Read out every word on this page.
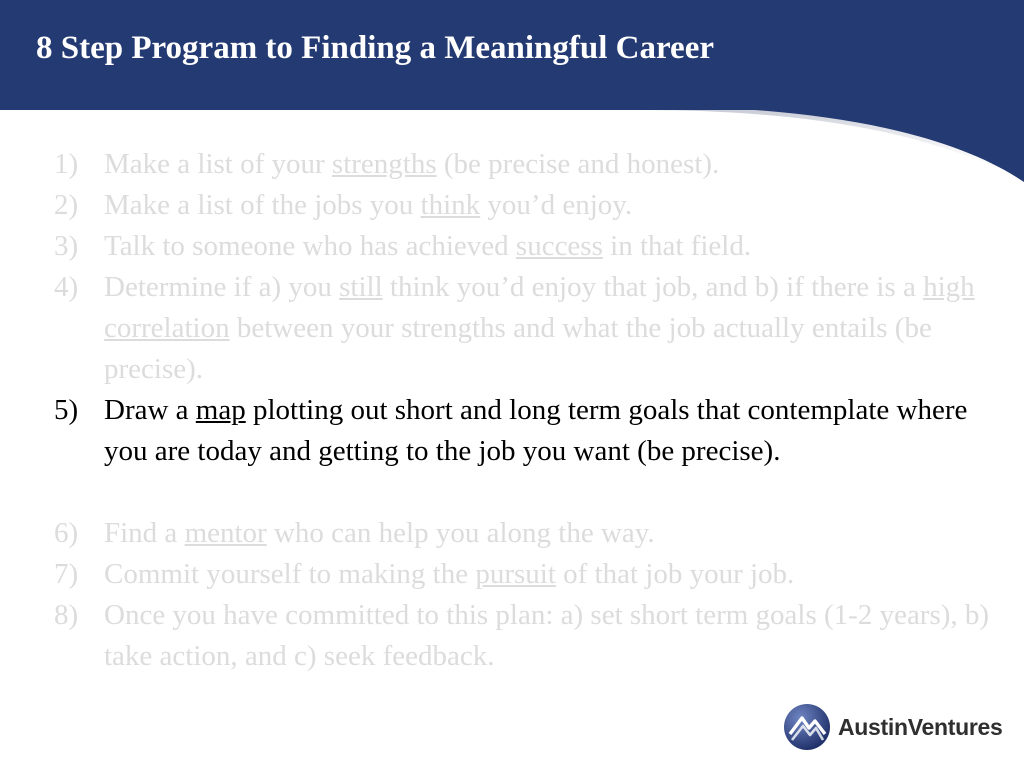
8 Step Program to Finding a Meaningful Career
1) Make a list of your strengths (be precise and honest).
2) Make a list of the jobs you think you’d enjoy.
3) Talk to someone who has achieved success in that field.
4) Determine if a) you still think you’d enjoy that job, and b) if there is a high correlation between your strengths and what the job actually entails (be precise).
5) Draw a map plotting out short and long term goals that contemplate where you are today and getting to the job you want (be precise).
6) Find a mentor who can help you along the way.
7) Commit yourself to making the pursuit of that job your job.
8) Once you have committed to this plan: a) set short term goals (1-2 years), b) take action, and c) seek feedback.
AustinVentures
